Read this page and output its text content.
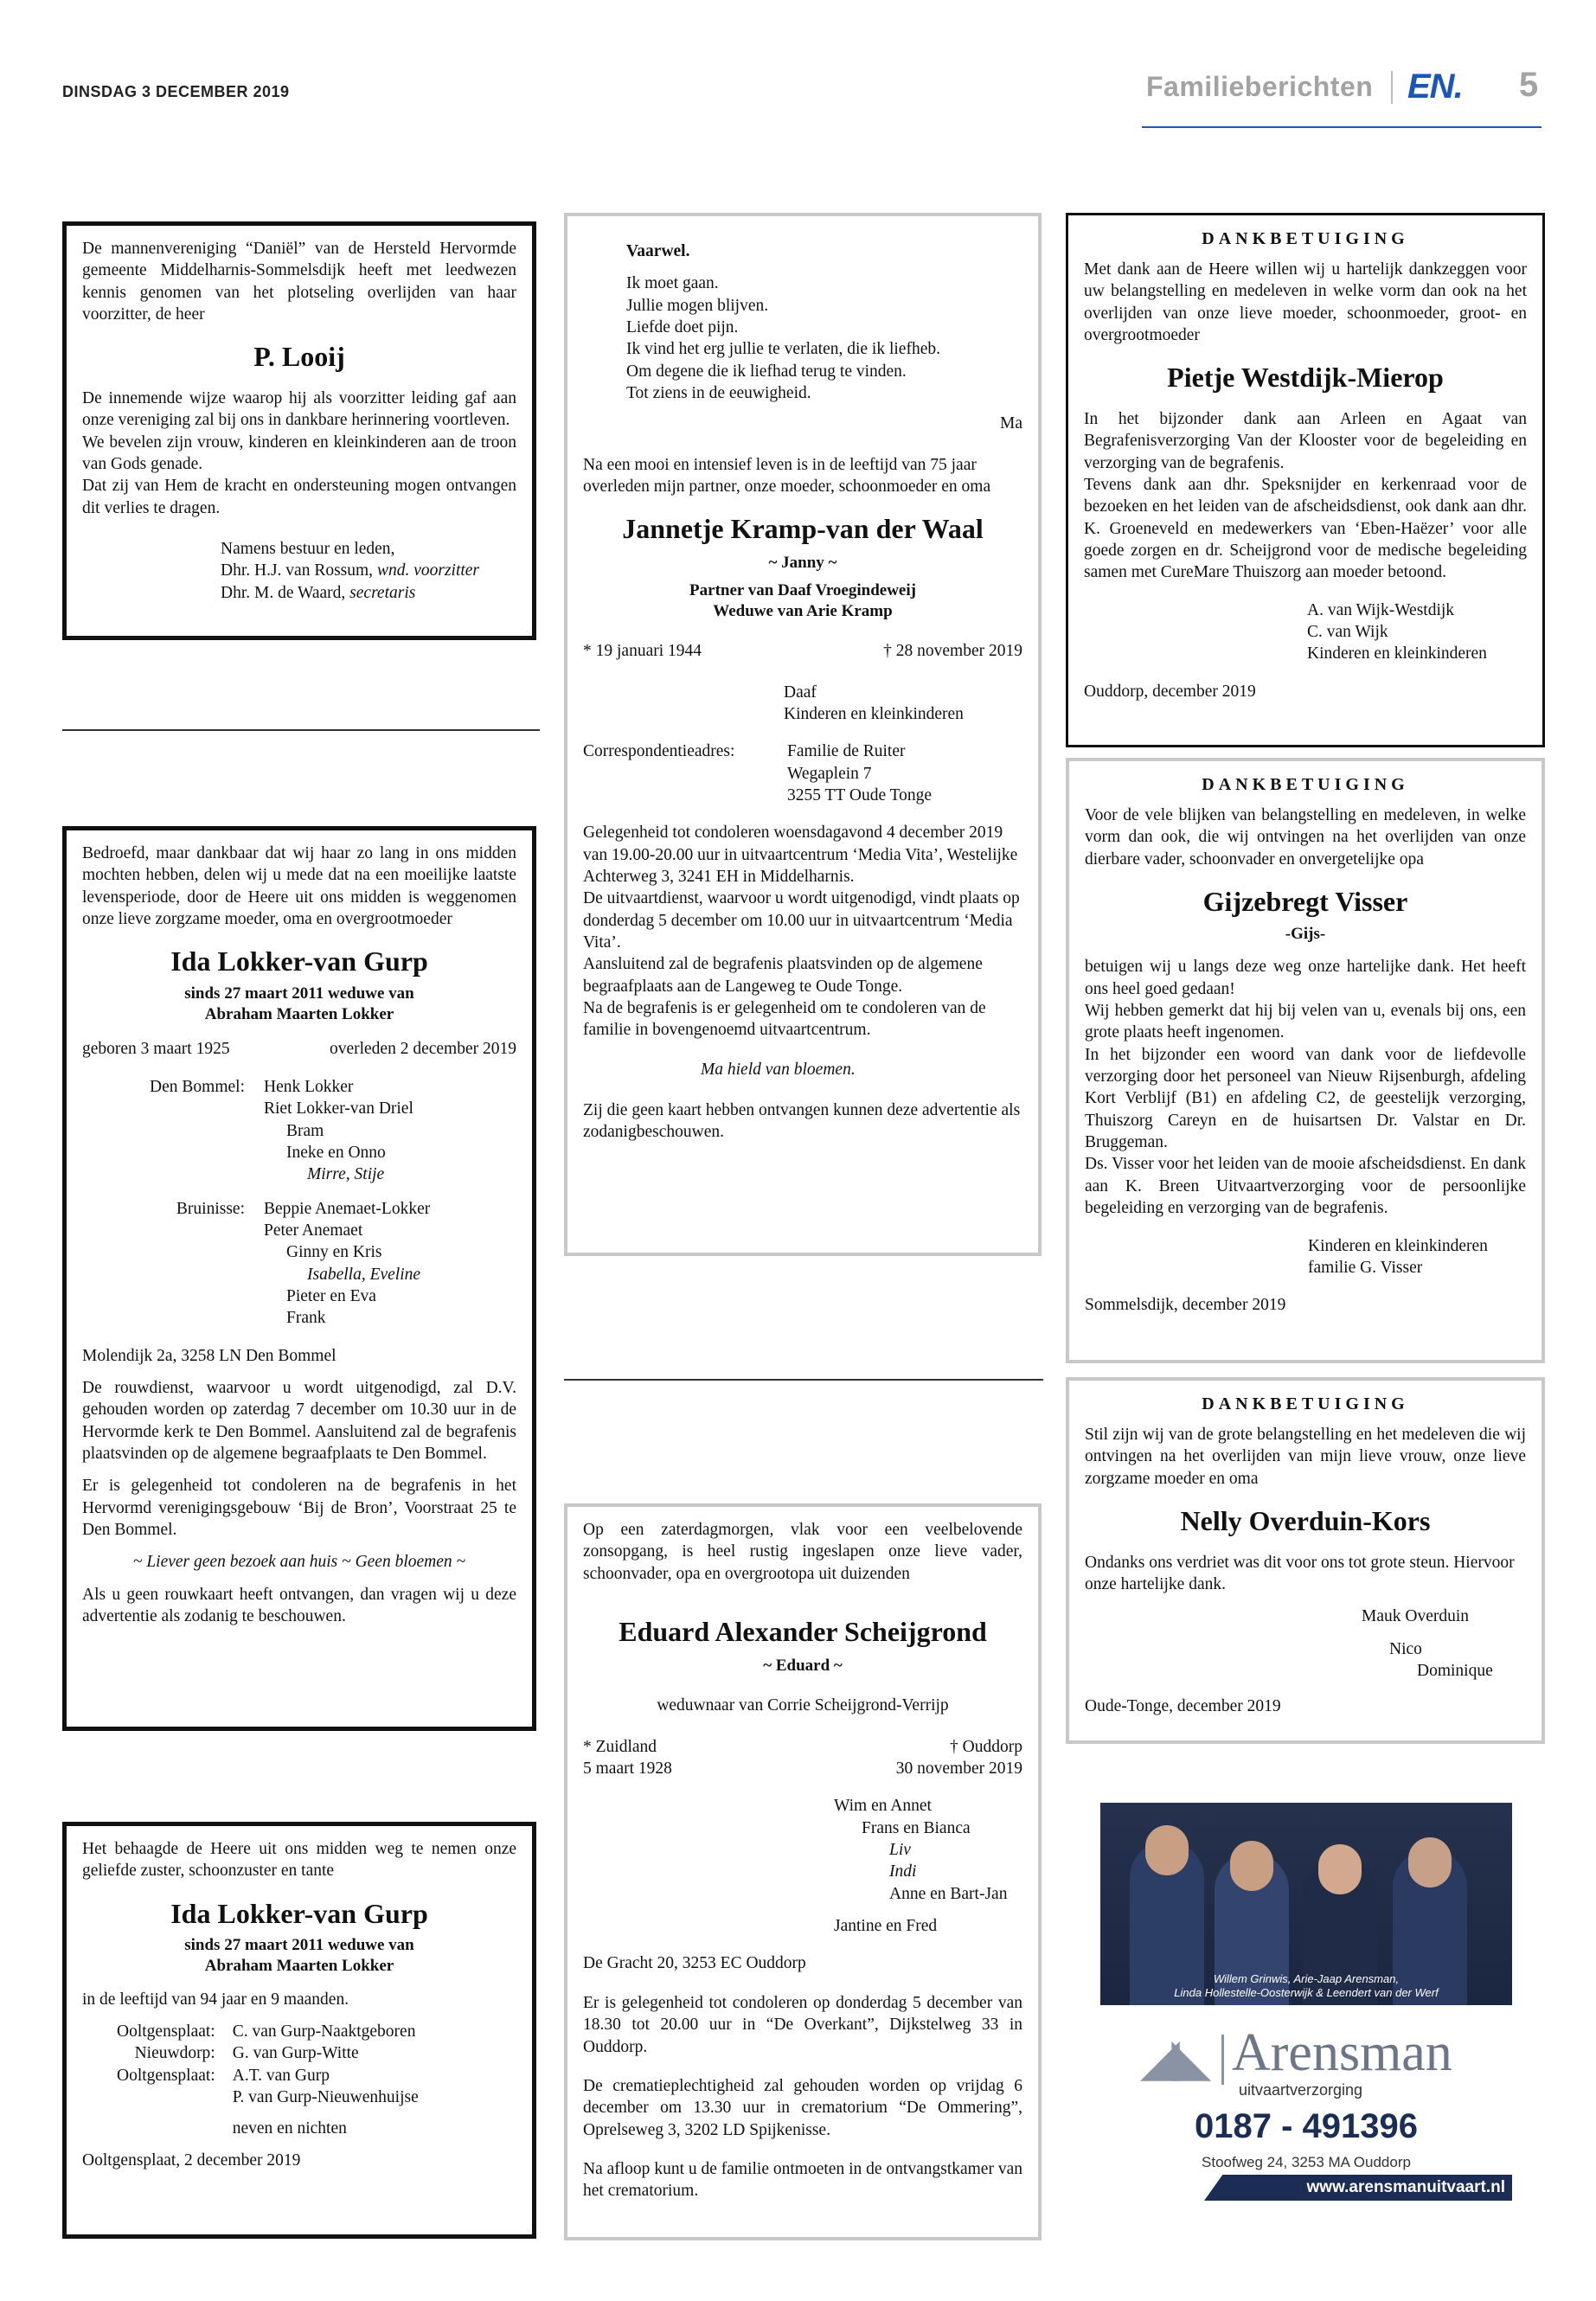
DINSDAG 3 DECEMBER 2019	Familieberichten EN. 5

De mannenvereniging “Daniël” van de Hersteld Hervormde gemeente Middelharnis-Sommelsdijk heeft met leedwezen kennis genomen van het plotseling overlijden van haar voorzitter, de heer

P. Looij
De innemende wijze waarop hij als voorzitter leiding gaf aan onze vereniging zal bij ons in dankbare herinnering voortleven.
We bevelen zijn vrouw, kinderen en kleinkinderen aan de troon van Gods genade.
Dat zij van Hem de kracht en ondersteuning mogen ontvangen dit verlies te dragen.
Namens bestuur en leden,
Dhr. H.J. van Rossum, wnd. voorzitter
Dhr. M. de Waard, secretaris

Bedroefd, maar dankbaar dat wij haar zo lang in ons midden mochten hebben, delen wij u mede dat na een moeilijke laatste levensperiode, door de Heere uit ons midden is weggenomen onze lieve zorgzame moeder, oma en overgrootmoeder

Ida Lokker-van Gurp
sinds 27 maart 2011 weduwe van
Abraham Maarten Lokker
geboren 3 maart 1925	overleden 2 december 2019
Den Bommel:	Henk Lokker
Riet Lokker-van Driel
Bram
Ineke en Onno
Mirre, Stije
Bruinisse:	Beppie Anemaet-Lokker
Peter Anemaet
Ginny en Kris
Isabella, Eveline
Pieter en Eva
Frank

Molendijk 2a, 3258 LN Den Bommel

De rouwdienst, waarvoor u wordt uitgenodigd, zal D.V. gehouden worden op zaterdag 7 december om 10.30 uur in de Hervormde kerk te Den Bommel. Aansluitend zal de begrafenis plaatsvinden op de algemene begraafplaats te Den Bommel.

Er is gelegenheid tot condoleren na de begrafenis in het Hervormd verenigingsgebouw ‘Bij de Bron’, Voorstraat 25 te Den Bommel.

~ Liever geen bezoek aan huis ~ Geen bloemen ~

Als u geen rouwkaart heeft ontvangen, dan vragen wij u deze advertentie als zodanig te beschouwen.

Het behaagde de Heere uit ons midden weg te nemen onze geliefde zuster, schoonzuster en tante

Ida Lokker-van Gurp
sinds 27 maart 2011 weduwe van
Abraham Maarten Lokker

in de leeftijd van 94 jaar en 9 maanden.

Ooltgensplaat: C. van Gurp-Naaktgeboren
Nieuwdorp: G. van Gurp-Witte
Ooltgensplaat: A.T. van Gurp
P. van Gurp-Nieuwenhuijse
neven en nichten
Ooltgensplaat, 2 december 2019
Vaarwel.
Ik moet gaan.
Jullie mogen blijven.
Liefde doet pijn.
Ik vind het erg jullie te verlaten, die ik liefheb.
Om degene die ik liefhad terug te vinden.
Tot ziens in de eeuwigheid.
Ma

Na een mooi en intensief leven is in de leeftijd van 75 jaar overleden mijn partner, onze moeder, schoonmoeder en oma

Jannetje Kramp-van der Waal
~ Janny ~
Partner van Daaf Vroegindeweij
Weduwe van Arie Kramp
* 19 januari 1944	† 28 november 2019
Daaf
Kinderen en kleinkinderen
Correspondentieadres:	Familie de Ruiter
Wegaplein 7
3255 TT Oude Tonge
Gelegenheid tot condoleren woensdagavond 4 december 2019 van 19.00-20.00 uur in uitvaartcentrum ‘Media Vita’, Westelijke Achterweg 3, 3241 EH in Middelharnis.
De uitvaartdienst, waarvoor u wordt uitgenodigd, vindt plaats op donderdag 5 december om 10.00 uur in uitvaartcentrum ‘Media Vita’.
Aansluitend zal de begrafenis plaatsvinden op de algemene begraafplaats aan de Langeweg te Oude Tonge.
Na de begrafenis is er gelegenheid om te condoleren van de familie in bovengenoemd uitvaartcentrum.

Ma hield van bloemen.

Zij die geen kaart hebben ontvangen kunnen deze advertentie als zodanigbeschouwen.

Op een zaterdagmorgen, vlak voor een veelbelovende zonsopgang, is heel rustig ingeslapen onze lieve vader, schoonvader, opa en overgrootopa uit duizenden

Eduard Alexander Scheijgrond
~ Eduard ~

weduwnaar van Corrie Scheijgrond-Verrijp

* Zuidland
5 maart 1928
† Ouddorp
30 november 2019
Wim en Annet
Frans en Bianca
Liv
Indi
Anne en Bart-Jan
Jantine en Fred

De Gracht 20, 3253 EC Ouddorp

Er is gelegenheid tot condoleren op donderdag 5 december van 18.30 tot 20.00 uur in “De Overkant”, Dijkstelweg 33 in Ouddorp.

De crematieplechtigheid zal gehouden worden op vrijdag 6 december om 13.30 uur in crematorium “De Ommering”, Oprelseweg 3, 3202 LD Spijkenisse.

Na afloop kunt u de familie ontmoeten in de ontvangstkamer van het crematorium.

DANKBETUIGING

Met dank aan de Heere willen wij u hartelijk dankzeggen voor uw belangstelling en medeleven in welke vorm dan ook na het overlijden van onze lieve moeder, schoonmoeder, groot- en overgrootmoeder

Pietje Westdijk-Mierop
In het bijzonder dank aan Arleen en Agaat van Begrafenisverzorging Van der Klooster voor de begeleiding en verzorging van de begrafenis.
Tevens dank aan dhr. Speksnijder en kerkenraad voor de bezoeken en het leiden van de afscheidsdienst, ook dank aan dhr. K. Groeneveld en medewerkers van ‘Eben-Haëzer’ voor alle goede zorgen en dr. Scheijgrond voor de medische begeleiding samen met CureMare Thuiszorg aan moeder betoond.
A. van Wijk-Westdijk
C. van Wijk
Kinderen en kleinkinderen
Ouddorp, december 2019
DANKBETUIGING

Voor de vele blijken van belangstelling en medeleven, in welke vorm dan ook, die wij ontvingen na het overlijden van onze dierbare vader, schoonvader en onvergetelijke opa

Gijzebregt Visser
-Gijs-
betuigen wij u langs deze weg onze hartelijke dank. Het heeft ons heel goed gedaan!
Wij hebben gemerkt dat hij bij velen van u, evenals bij ons, een grote plaats heeft ingenomen.
In het bijzonder een woord van dank voor de liefdevolle verzorging door het personeel van Nieuw Rijsenburgh, afdeling Kort Verblijf (B1) en afdeling C2, de geestelijk verzorging, Thuiszorg Careyn en de huisartsen Dr. Valstar en Dr. Bruggeman.
Ds. Visser voor het leiden van de mooie afscheidsdienst. En dank aan K. Breen Uitvaartverzorging voor de persoonlijke begeleiding en verzorging van de begrafenis.
Kinderen en kleinkinderen
familie G. Visser
Sommelsdijk, december 2019
DANKBETUIGING

Stil zijn wij van de grote belangstelling en het medeleven die wij ontvingen na het overlijden van mijn lieve vrouw, onze lieve zorgzame moeder en oma

Nelly Overduin-Kors

Ondanks ons verdriet was dit voor ons tot grote steun. Hiervoor onze hartelijke dank.

Mauk Overduin
Nico
Dominique
Oude-Tonge, december 2019
Willem Grinwis, Arie-Jaap Arensman,
Linda Hollestelle-Oosterwijk & Leendert van der Werf
◢◣ Arensman
uitvaartverzorging
0187 - 491396
Stoofweg 24, 3253 MA Ouddorp
www.arensmanuitvaart.nl
